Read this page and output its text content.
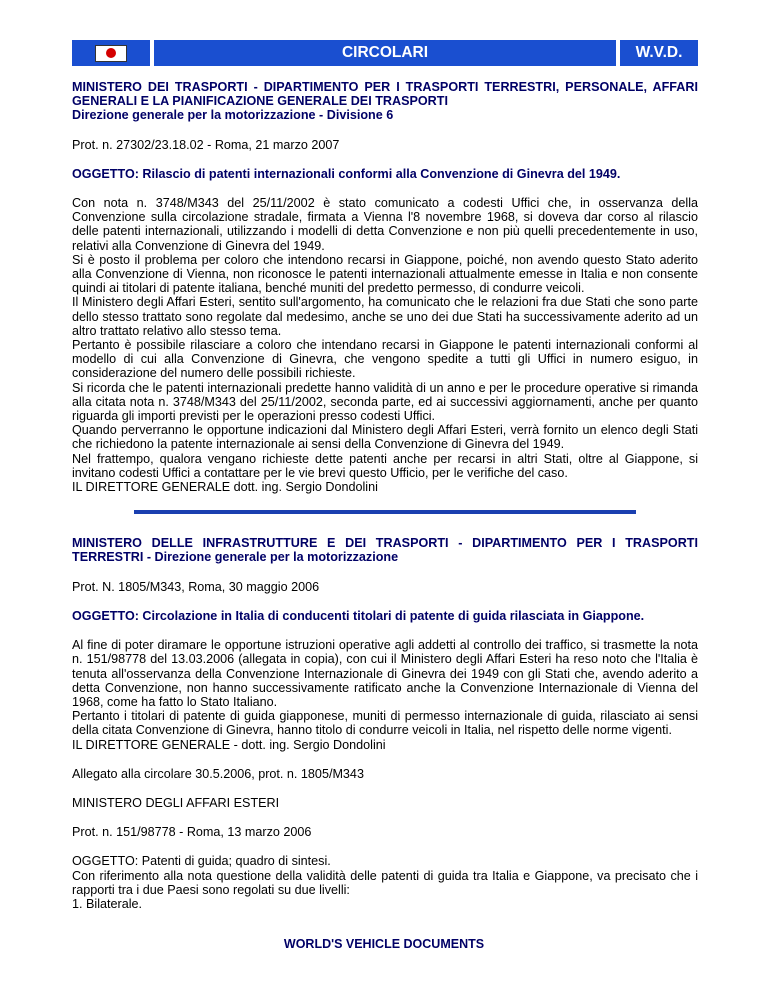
CIRCOLARI	W.V.D.

MINISTERO DEI TRASPORTI - DIPARTIMENTO PER I TRASPORTI TERRESTRI, PERSONALE, AFFARI GENERALI E LA PIANIFICAZIONE GENERALE DEI TRASPORTI

Direzione generale per la motorizzazione - Divisione 6

Prot. n. 27302/23.18.02 - Roma, 21 marzo 2007

OGGETTO: Rilascio di patenti internazionali conformi alla Convenzione di Ginevra del 1949.

Con nota n. 3748/M343 del 25/11/2002 è stato comunicato a codesti Uffici che, in osservanza della Convenzione sulla circolazione stradale, firmata a Vienna l'8 novembre 1968, si doveva dar corso al rilascio delle patenti internazionali, utilizzando i modelli di detta Convenzione e non più quelli precedentemente in uso, relativi alla Convenzione di Ginevra del 1949.

Si è posto il problema per coloro che intendono recarsi in Giappone, poiché, non avendo questo Stato aderito alla Convenzione di Vienna, non riconosce le patenti internazionali attualmente emesse in Italia e non consente quindi ai titolari di patente italiana, benché muniti del predetto permesso, di condurre veicoli.

Il Ministero degli Affari Esteri, sentito sull'argomento, ha comunicato che le relazioni fra due Stati che sono parte dello stesso trattato sono regolate dal medesimo, anche se uno dei due Stati ha successivamente aderito ad un altro trattato relativo allo stesso tema.

Pertanto è possibile rilasciare a coloro che intendano recarsi in Giappone le patenti internazionali conformi al modello di cui alla Convenzione di Ginevra, che vengono spedite a tutti gli Uffici in numero esiguo, in considerazione del numero delle possibili richieste.

Si ricorda che le patenti internazionali predette hanno validità di un anno e per le procedure operative si rimanda alla citata nota n. 3748/M343 del 25/11/2002, seconda parte, ed ai successivi aggiornamenti, anche per quanto riguarda gli importi previsti per le operazioni presso codesti Uffici.

Quando perverranno le opportune indicazioni dal Ministero degli Affari Esteri, verrà fornito un elenco degli Stati che richiedono la patente internazionale ai sensi della Convenzione di Ginevra del 1949.

Nel frattempo, qualora vengano richieste dette patenti anche per recarsi in altri Stati, oltre al Giappone, si invitano codesti Uffici a contattare per le vie brevi questo Ufficio, per le verifiche del caso.

IL DIRETTORE GENERALE dott. ing. Sergio Dondolini

MINISTERO DELLE INFRASTRUTTURE E DEI TRASPORTI - DIPARTIMENTO PER I TRASPORTI TERRESTRI - Direzione generale per la motorizzazione

Prot. N. 1805/M343, Roma, 30 maggio 2006

OGGETTO: Circolazione in Italia di conducenti titolari di patente di guida rilasciata in Giappone.

Al fine di poter diramare le opportune istruzioni operative agli addetti al controllo dei traffico, si trasmette la nota n. 151/98778 del 13.03.2006 (allegata in copia), con cui il Ministero degli Affari Esteri ha reso noto che l'Italia è tenuta all'osservanza della Convenzione Internazionale di Ginevra dei 1949 con gli Stati che, avendo aderito a detta Convenzione, non hanno successivamente ratificato anche la Convenzione Internazionale di Vienna del 1968, come ha fatto lo Stato Italiano.

Pertanto i titolari di patente di guida giapponese, muniti di permesso internazionale di guida, rilasciato ai sensi della citata Convenzione di Ginevra, hanno titolo di condurre veicoli in Italia, nel rispetto delle norme vigenti.

IL DIRETTORE GENERALE - dott. ing. Sergio Dondolini

Allegato alla circolare 30.5.2006, prot. n. 1805/M343

MINISTERO DEGLI AFFARI ESTERI

Prot. n. 151/98778 - Roma, 13 marzo 2006

OGGETTO: Patenti di guida; quadro di sintesi.

Con riferimento alla nota questione della validità delle patenti di guida tra Italia e Giappone, va precisato che i rapporti tra i due Paesi sono regolati su due livelli:

1. Bilaterale.

WORLD'S VEHICLE DOCUMENTS
